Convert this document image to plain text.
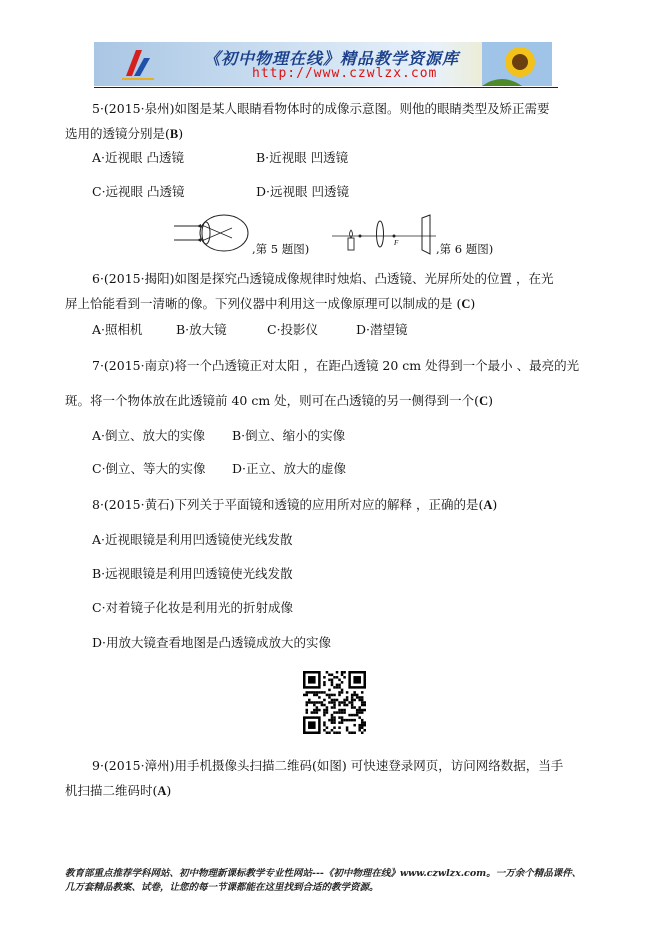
《初中物理在线》精品教学资源库
http://www.czwlzx.com
5·(2015·泉州)如图是某人眼睛看物体时的成像示意图。则他的眼睛类型及矫正需要
选用的透镜分别是(B)
A·近视眼 凸透镜	B·近视眼 凹透镜
C·远视眼 凸透镜	D·远视眼 凹透镜
,第 5 题图)	F	,第 6 题图)
6·(2015·揭阳)如图是探究凸透镜成像规律时烛焰、凸透镜、光屏所处的位置 ，在光
屏上恰能看到一清晰的像。下列仪器中利用这一成像原理可以制成的是 (C)
A·照相机	B·放大镜	C·投影仪	D·潜望镜
7·(2015·南京)将一个凸透镜正对太阳 ，在距凸透镜 20 cm 处得到一个最小 、最亮的光
斑。将一个物体放在此透镜前 40 cm 处，则可在凸透镜的另一侧得到一个(C)
A·倒立、放大的实像 B·倒立、缩小的实像
C·倒立、等大的实像 D·正立、放大的虚像
8·(2015·黄石)下列关于平面镜和透镜的应用所对应的解释 ，正确的是(A)
A·近视眼镜是利用凹透镜使光线发散
B·远视眼镜是利用凹透镜使光线发散
C·对着镜子化妆是利用光的折射成像
D·用放大镜查看地图是凸透镜成放大的实像
9·(2015·漳州)用手机摄像头扫描二维码(如图) 可快速登录网页，访问网络数据，当手
机扫描二维码时(A)
教育部重点推荐学科网站、初中物理新课标教学专业性网站---《初中物理在线》www.czwlzx.com。一万余个精品课件、
几万套精品教案、试卷，让您的每一节课都能在这里找到合适的教学资源。
